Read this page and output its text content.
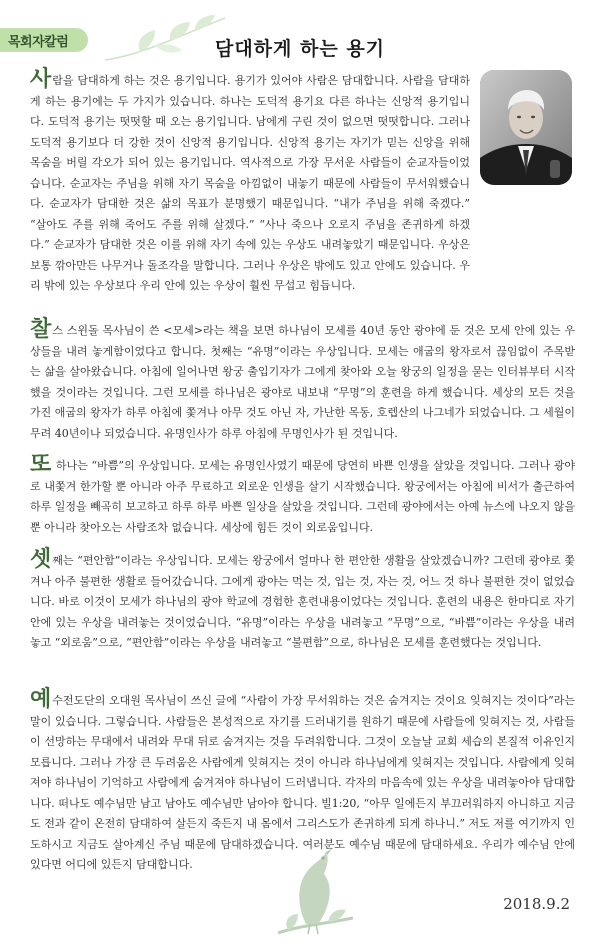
목회자칼럼	담대하게 하는 용기

사람을 담대하게 하는 것은 용기입니다. 용기가 있어야 사람은 담대합니다. 사람을 담대하게 하는 용기에는 두 가지가 있습니다. 하나는 도덕적 용기요 다른 하나는 신앙적 용기입니다. 도덕적 용기는 떳떳할 때 오는 용기입니다. 남에게 구린 것이 없으면 떳떳합니다. 그러나 도덕적 용기보다 더 강한 것이 신앙적 용기입니다. 신앙적 용기는 자기가 믿는 신앙을 위해 목숨을 버릴 각오가 되어 있는 용기입니다. 역사적으로 가장 무서운 사람들이 순교자들이었습니다. 순교자는 주님을 위해 자기 목숨을 아낌없이 내놓기 때문에 사람들이 무서워했습니다. 순교자가 담대한 것은 삶의 목표가 분명했기 때문입니다. “내가 주님을 위해 죽겠다.” “살아도 주를 위해 죽어도 주를 위해 살겠다.” “사나 죽으나 오로지 주님을 존귀하게 하겠다.” 순교자가 담대한 것은 이를 위해 자기 속에 있는 우상도 내려놓았기 때문입니다. 우상은 보통 깎아만든 나무거나 돌조각을 말합니다. 그러나 우상은 밖에도 있고 안에도 있습니다. 우리 밖에 있는 우상보다 우리 안에 있는 우상이 훨씬 무섭고 힘듭니다.

찰스 스윈돌 목사님이 쓴 <모세>라는 책을 보면 하나님이 모세를 40년 동안 광야에 둔 것은 모세 안에 있는 우상들을 내려 놓게함이었다고 합니다. 첫째는 “유명”이라는 우상입니다. 모세는 애굽의 왕자로서 끊임없이 주목받는 삶을 살아왔습니다. 아침에 일어나면 왕궁 출입기자가 그에게 찾아와 오늘 왕궁의 일정을 묻는 인터뷰부터 시작했을 것이라는 것입니다. 그런 모세를 하나님은 광야로 내보내 “무명”의 훈련을 하게 했습니다. 세상의 모든 것을 가진 애굽의 왕자가 하루 아침에 쫓겨나 아무 것도 아닌 자, 가난한 목동, 호렙산의 나그네가 되었습니다. 그 세월이 무려 40년이나 되었습니다. 유명인사가 하루 아침에 무명인사가 된 것입니다.

또 하나는 “바쁨”의 우상입니다. 모세는 유명인사였기 때문에 당연히 바쁜 인생을 살았을 것입니다. 그러나 광야로 내쫓겨 한가할 뿐 아니라 아주 무료하고 외로운 인생을 살기 시작했습니다. 왕궁에서는 아침에 비서가 출근하여 하루 일정을 빼곡히 보고하고 하루 하루 바쁜 일상을 살았을 것입니다. 그런데 광야에서는 아예 뉴스에 나오지 않을 뿐 아니라 찾아오는 사람조차 없습니다. 세상에 힘든 것이 외로움입니다.

셋째는 “편안함”이라는 우상입니다. 모세는 왕궁에서 얼마나 한 편안한 생활을 살았겠습니까? 그런데 광야로 쫓겨나 아주 불편한 생활로 들어갔습니다. 그에게 광야는 먹는 것, 입는 것, 자는 것, 어느 것 하나 불편한 것이 없었습니다. 바로 이것이 모세가 하나님의 광야 학교에 경험한 훈련내용이었다는 것입니다. 훈련의 내용은 한마디로 자기 안에 있는 우상을 내려놓는 것이었습니다. “유명”이라는 우상을 내려놓고 “무명”으로, “바쁨”이라는 우상을 내려놓고 “외로움”으로, “편안함”이라는 우상을 내려놓고 “불편함”으로, 하나님은 모세를 훈련했다는 것입니다.

예수전도단의 오대원 목사님이 쓰신 글에 “사람이 가장 무서워하는 것은 숨겨지는 것이요 잊혀지는 것이다”라는 말이 있습니다. 그렇습니다. 사람들은 본성적으로 자기를 드러내기를 원하기 때문에 사람들에 잊혀지는 것, 사람들이 선망하는 무대에서 내려와 무대 뒤로 숨겨지는 것을 두려워합니다. 그것이 오늘날 교회 세습의 본질적 이유인지 모릅니다. 그러나 가장 큰 두려움은 사람에게 잊혀지는 것이 아니라 하나님에게 잊혀지는 것입니다. 사람에게 잊혀져야 하나님이 기억하고 사람에게 숨겨져야 하나님이 드러냅니다. 각자의 마음속에 있는 우상을 내려놓아야 담대합니다. 떠나도 예수님만 남고 남아도 예수님만 남아야 합니다. 빌1:20, “아무 일에든지 부끄러워하지 아니하고 지금도 전과 같이 온전히 담대하여 살든지 죽든지 내 몸에서 그리스도가 존귀하게 되게 하나니.” 저도 저를 여기까지 인도하시고 지금도 살아계신 주님 때문에 담대하겠습니다. 여러분도 예수님 때문에 담대하세요. 우리가 예수님 안에 있다면 어디에 있든지 담대합니다.

2018.9.2
